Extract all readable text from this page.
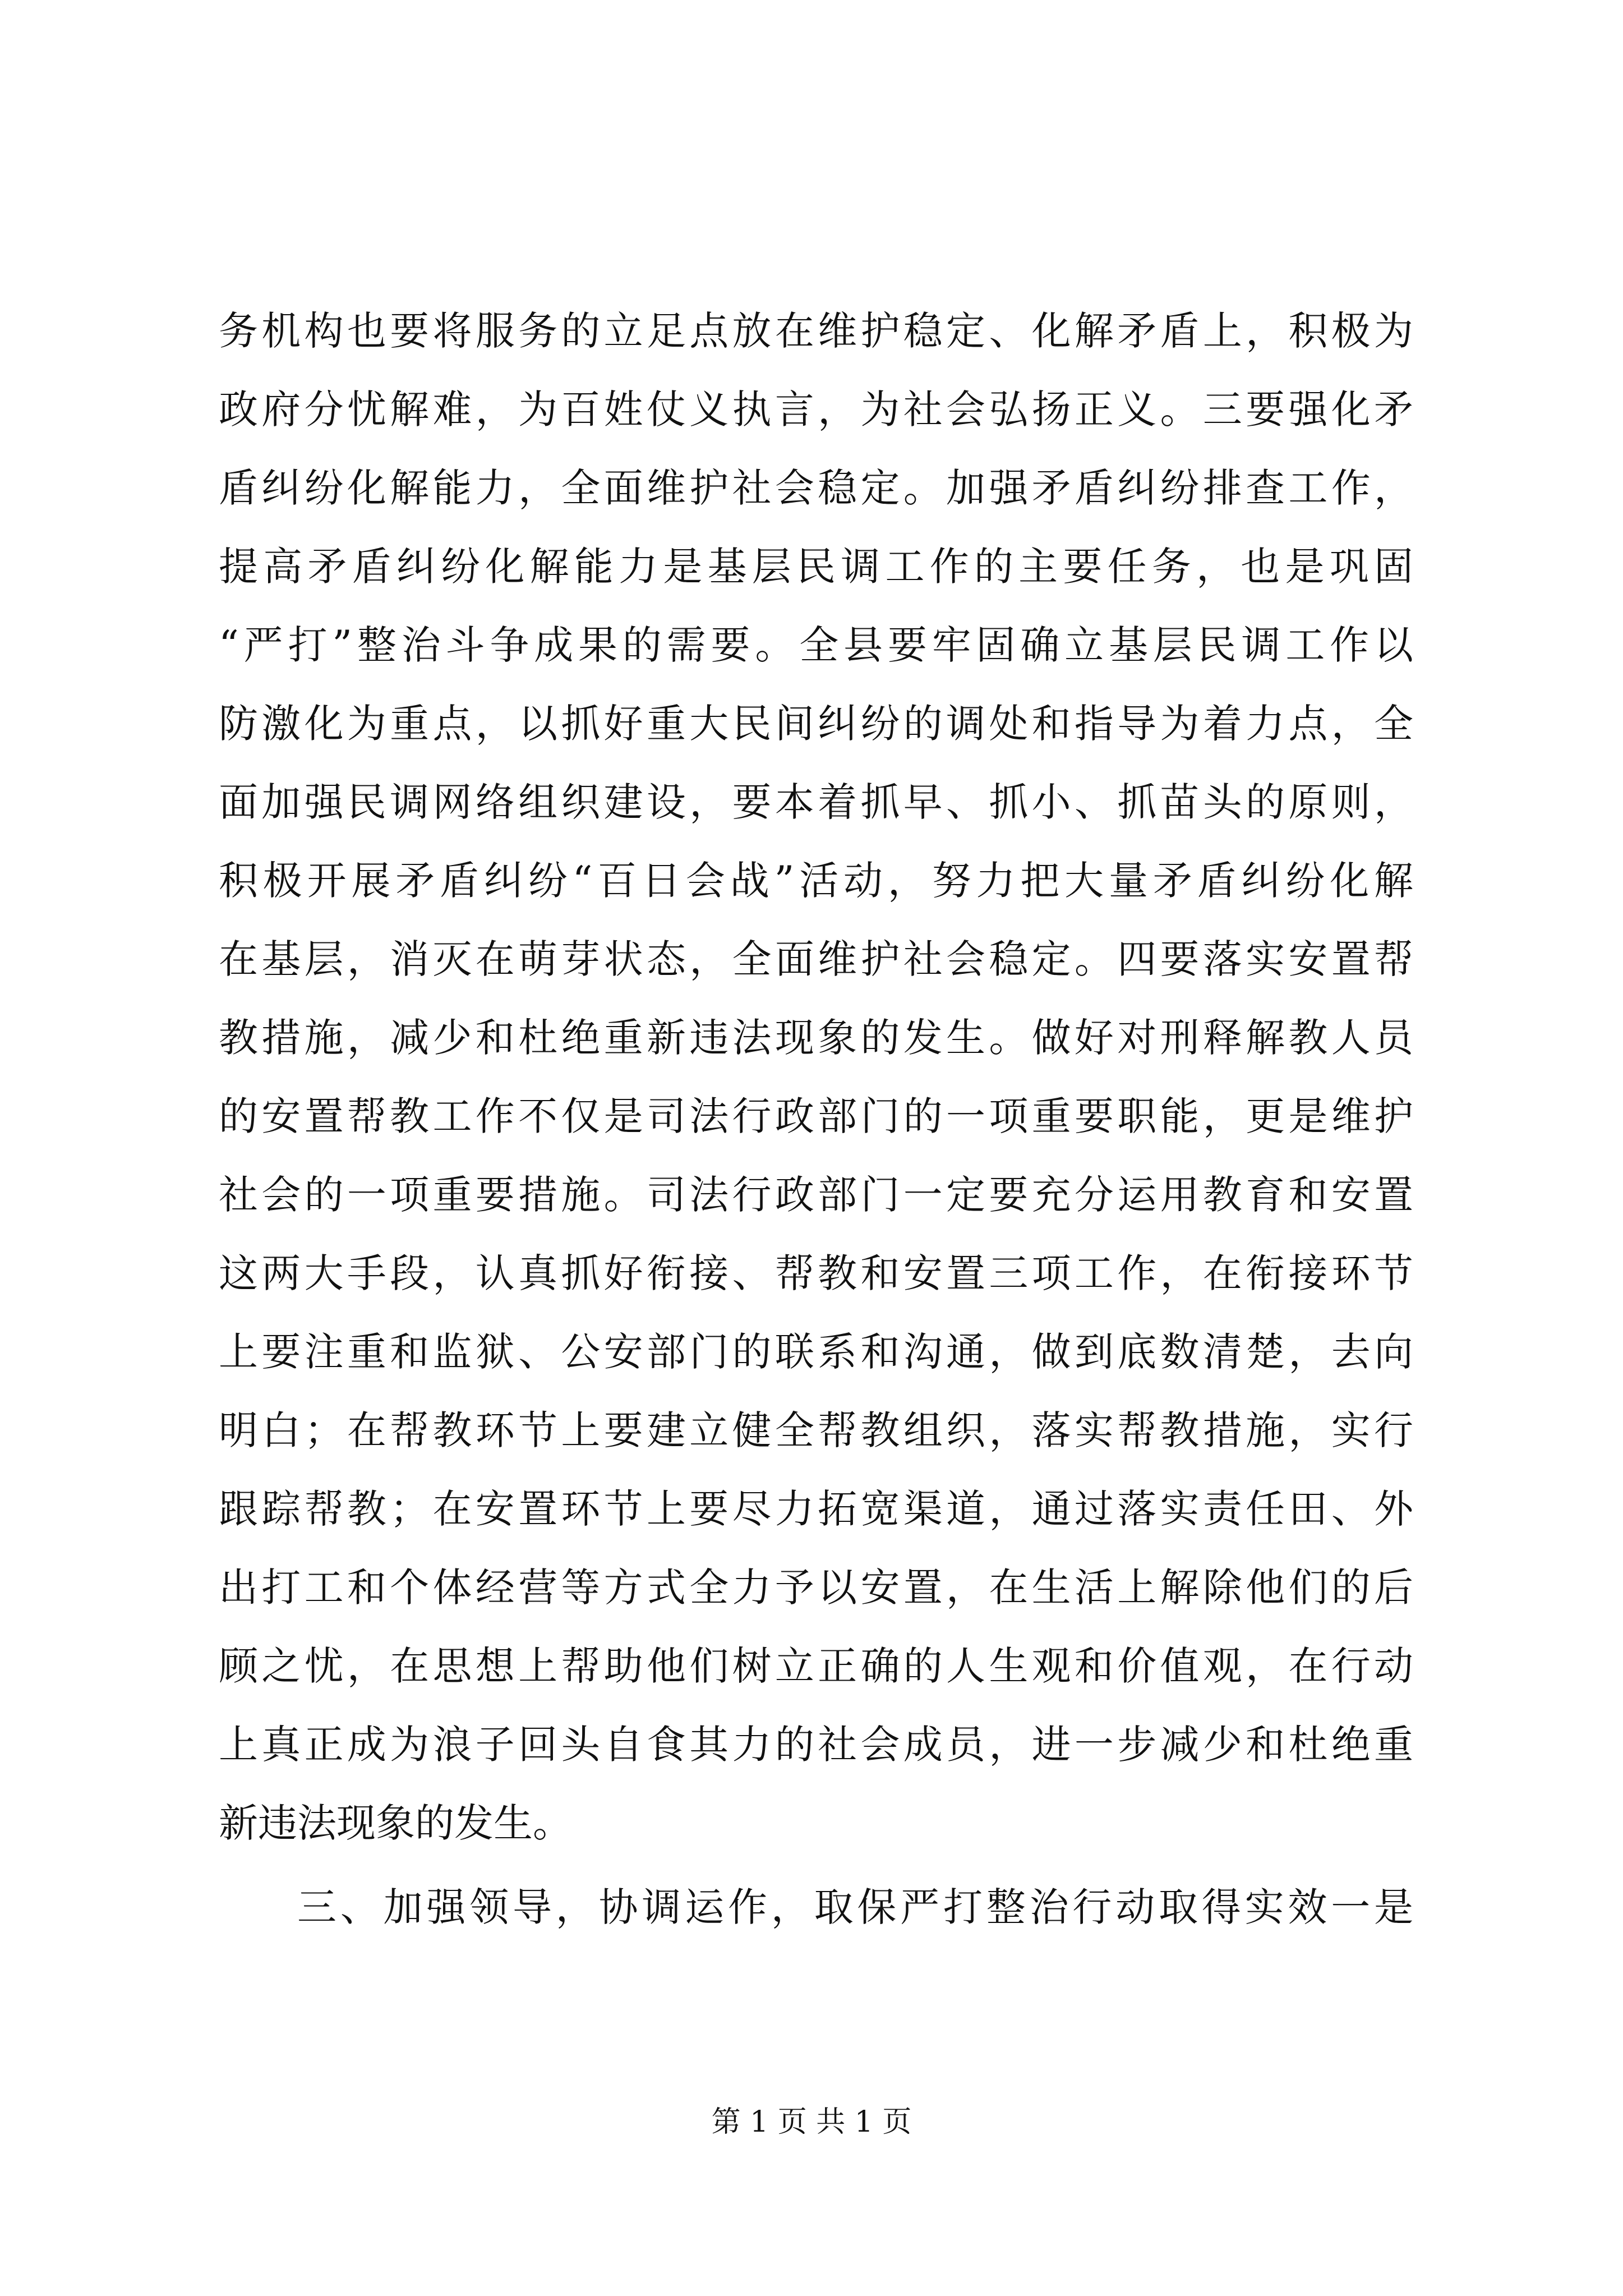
务机构也要将服务的立足点放在维护稳定、化解矛盾上，积极为
政府分忧解难，为百姓仗义执言，为社会弘扬正义。三要强化矛
盾纠纷化解能力，全面维护社会稳定。加强矛盾纠纷排查工作，
提高矛盾纠纷化解能力是基层民调工作的主要任务，也是巩固
“严打”整治斗争成果的需要。全县要牢固确立基层民调工作以
防激化为重点，以抓好重大民间纠纷的调处和指导为着力点，全
面加强民调网络组织建设，要本着抓早、抓小、抓苗头的原则，
积极开展矛盾纠纷“百日会战”活动，努力把大量矛盾纠纷化解
在基层，消灭在萌芽状态，全面维护社会稳定。四要落实安置帮
教措施，减少和杜绝重新违法现象的发生。做好对刑释解教人员
的安置帮教工作不仅是司法行政部门的一项重要职能，更是维护
社会的一项重要措施。司法行政部门一定要充分运用教育和安置
这两大手段，认真抓好衔接、帮教和安置三项工作，在衔接环节
上要注重和监狱、公安部门的联系和沟通，做到底数清楚，去向
明白；在帮教环节上要建立健全帮教组织，落实帮教措施，实行
跟踪帮教；在安置环节上要尽力拓宽渠道，通过落实责任田、外
出打工和个体经营等方式全力予以安置，在生活上解除他们的后
顾之忧，在思想上帮助他们树立正确的人生观和价值观，在行动
上真正成为浪子回头自食其力的社会成员，进一步减少和杜绝重
新违法现象的发生。
三、加强领导，协调运作，取保严打整治行动取得实效一是
第 1 页 共 1 页
